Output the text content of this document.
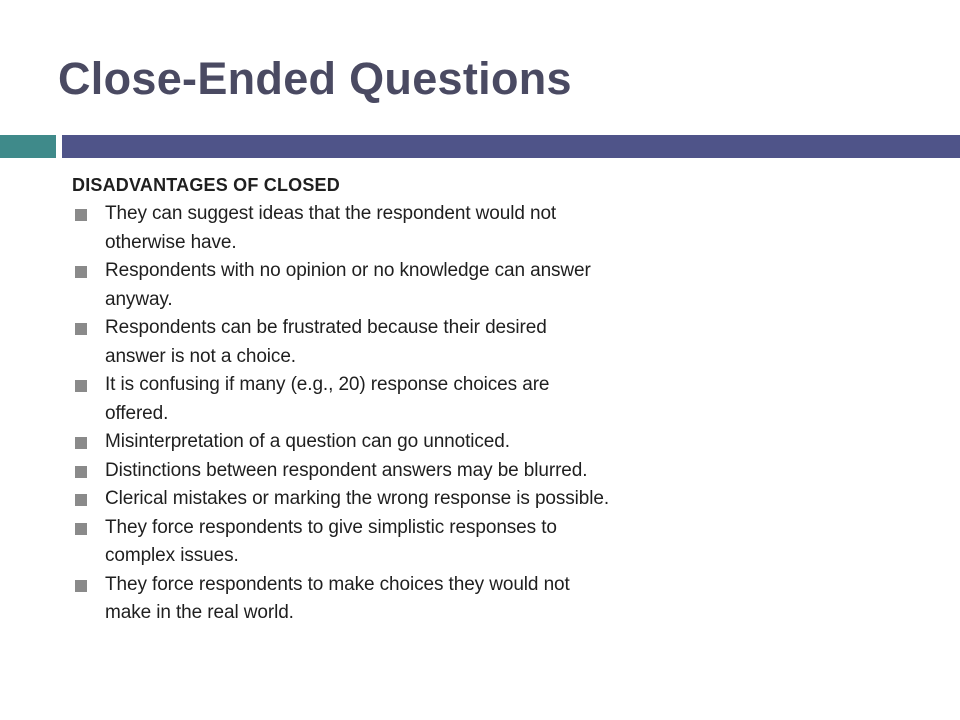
Close-Ended Questions
DISADVANTAGES OF CLOSED
They can suggest ideas that the respondent would not otherwise have.
Respondents with no opinion or no knowledge can answer anyway.
Respondents can be frustrated because their desired answer is not a choice.
It is confusing if many (e.g., 20) response choices are offered.
Misinterpretation of a question can go unnoticed.
Distinctions between respondent answers may be blurred.
Clerical mistakes or marking the wrong response is possible.
They force respondents to give simplistic responses to complex issues.
They force respondents to make choices they would not make in the real world.
